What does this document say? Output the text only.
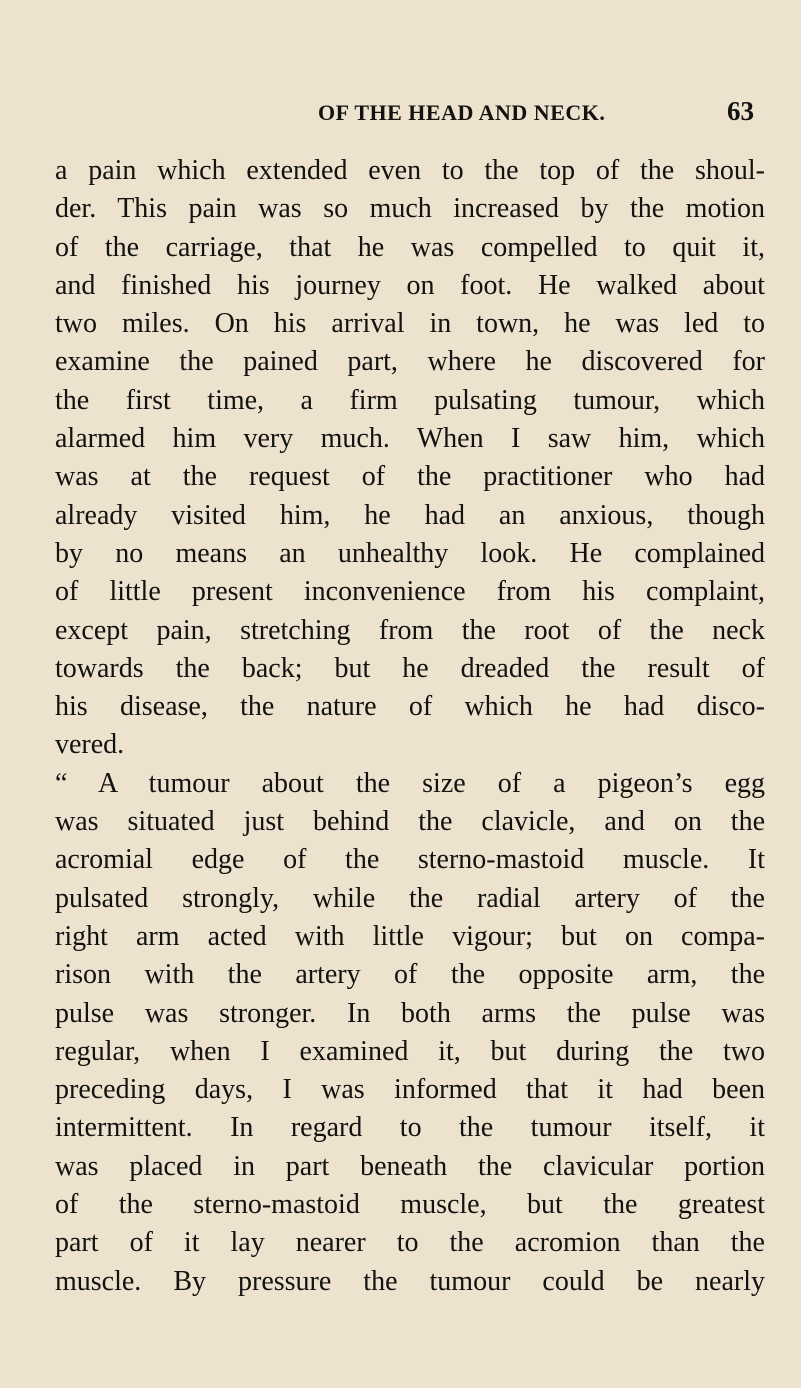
OF THE HEAD AND NECK.	63
a pain which extended even to the top of the shoul-
der. This pain was so much increased by the motion
of the carriage, that he was compelled to quit it,
and finished his journey on foot. He walked about
two miles. On his arrival in town, he was led to
examine the pained part, where he discovered for
the first time, a firm pulsating tumour, which
alarmed him very much. When I saw him, which
was at the request of the practitioner who had
already visited him, he had an anxious, though
by no means an unhealthy look. He complained
of little present inconvenience from his complaint,
except pain, stretching from the root of the neck
towards the back; but he dreaded the result of
his disease, the nature of which he had disco-
vered.
“ A tumour about the size of a pigeon’s egg
was situated just behind the clavicle, and on the
acromial edge of the sterno-mastoid muscle. It
pulsated strongly, while the radial artery of the
right arm acted with little vigour; but on compa-
rison with the artery of the opposite arm, the
pulse was stronger. In both arms the pulse was
regular, when I examined it, but during the two
preceding days, I was informed that it had been
intermittent. In regard to the tumour itself, it
was placed in part beneath the clavicular portion
of the sterno-mastoid muscle, but the greatest
part of it lay nearer to the acromion than the
muscle. By pressure the tumour could be nearly
